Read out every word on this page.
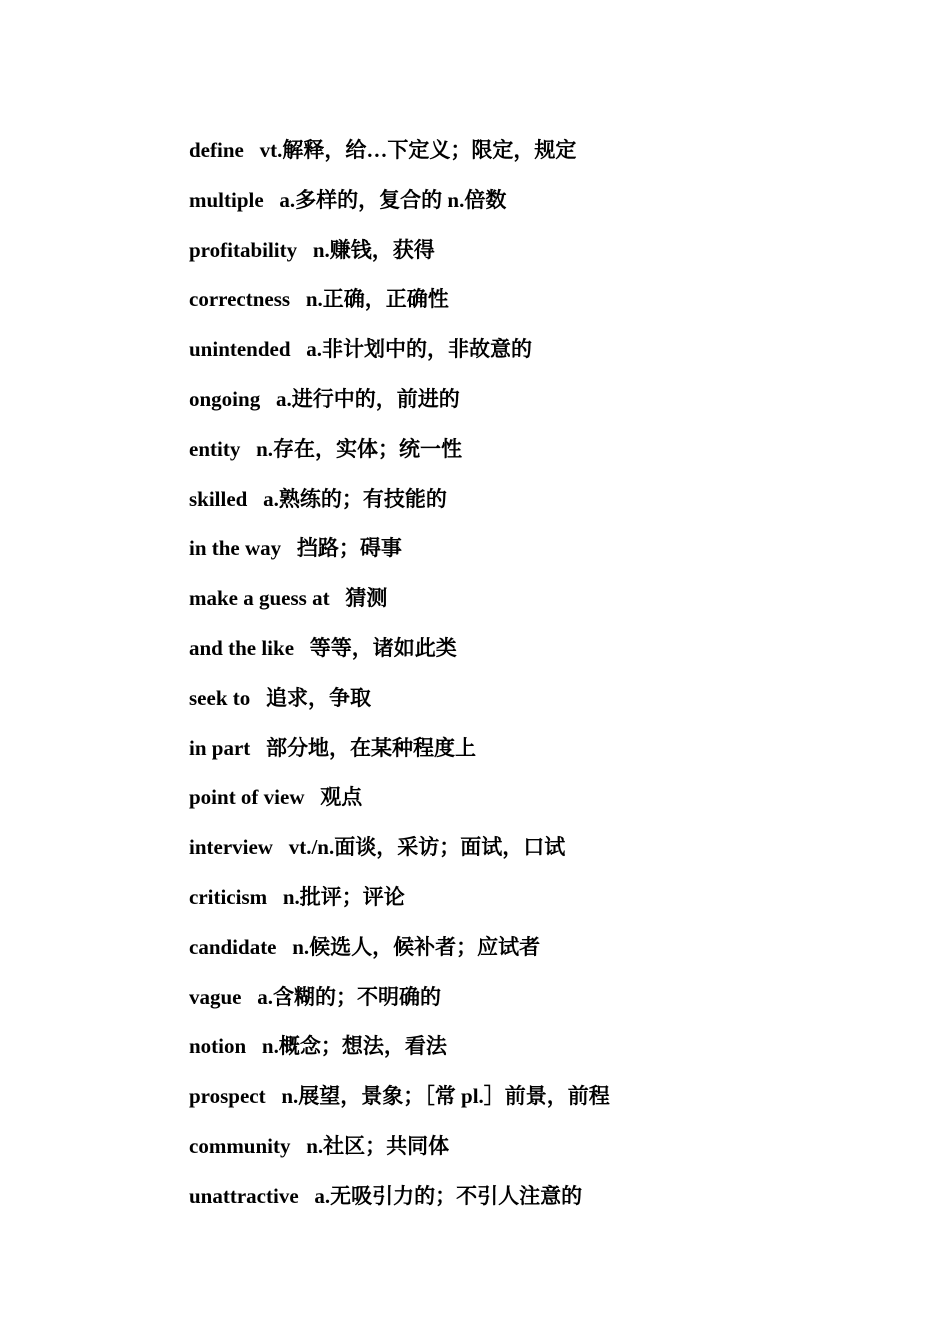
define   vt.解释，给…下定义；限定，规定
multiple   a.多样的，复合的 n.倍数
profitability   n.赚钱，获得
correctness   n.正确，正确性
unintended   a.非计划中的，非故意的
ongoing   a.进行中的，前进的
entity   n.存在，实体；统一性
skilled   a.熟练的；有技能的
in the way   挡路；碍事
make a guess at   猜测
and the like   等等，诸如此类
seek to   追求，争取
in part   部分地，在某种程度上
point of view   观点
interview   vt./n.面谈，采访；面试，口试
criticism   n.批评；评论
candidate   n.候选人，候补者；应试者
vague   a.含糊的；不明确的
notion   n.概念；想法，看法
prospect   n.展望，景象；［常 pl.］前景，前程
community   n.社区；共同体
unattractive   a.无吸引力的；不引人注意的
